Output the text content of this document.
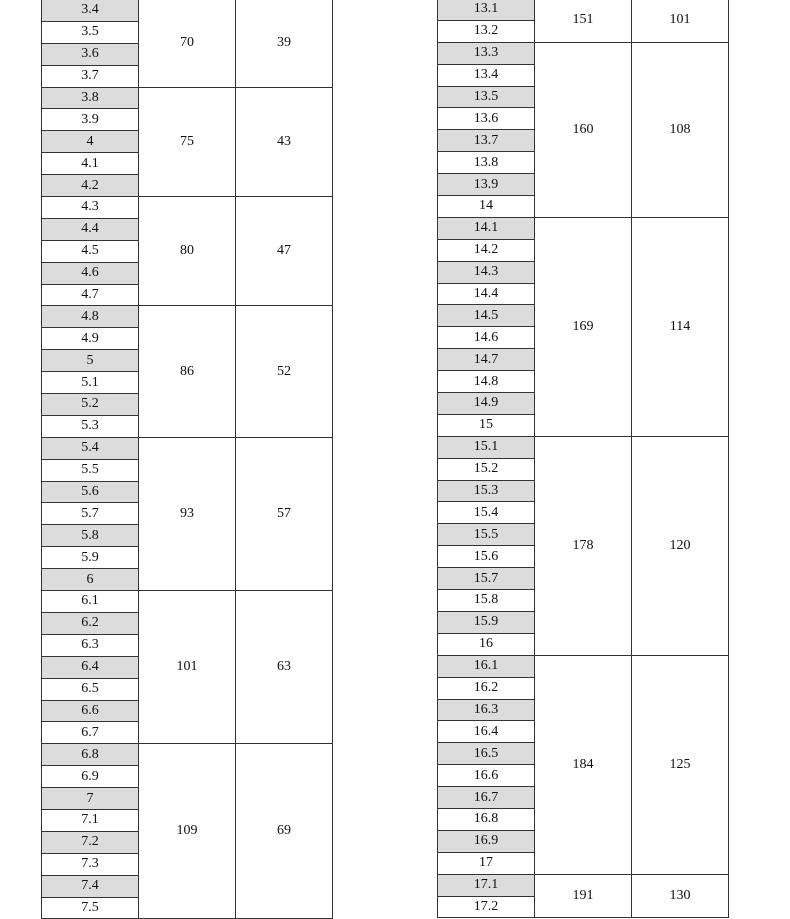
3.4	70	39
3.5		
3.6		
3.7		
3.8	75	43
3.9		
4		
4.1		
4.2		
4.3	80	47
4.4		
4.5		
4.6		
4.7		
4.8	86	52
4.9		
5		
5.1		
5.2		
5.3		
5.4	93	57
5.5		
5.6		
5.7		
5.8		
5.9		
6		
6.1	101	63
6.2		
6.3		
6.4		
6.5		
6.6		
6.7		
6.8	109	69
6.9		
7		
7.1		
7.2		
7.3		
7.4		
7.5		
13.1	151	101
13.2		
13.3	160	108
13.4		
13.5		
13.6		
13.7		
13.8		
13.9		
14		
14.1	169	114
14.2		
14.3		
14.4		
14.5		
14.6		
14.7		
14.8		
14.9		
15		
15.1	178	120
15.2		
15.3		
15.4		
15.5		
15.6		
15.7		
15.8		
15.9		
16		
16.1	184	125
16.2		
16.3		
16.4		
16.5		
16.6		
16.7		
16.8		
16.9		
17		
17.1	191	130
17.2		
